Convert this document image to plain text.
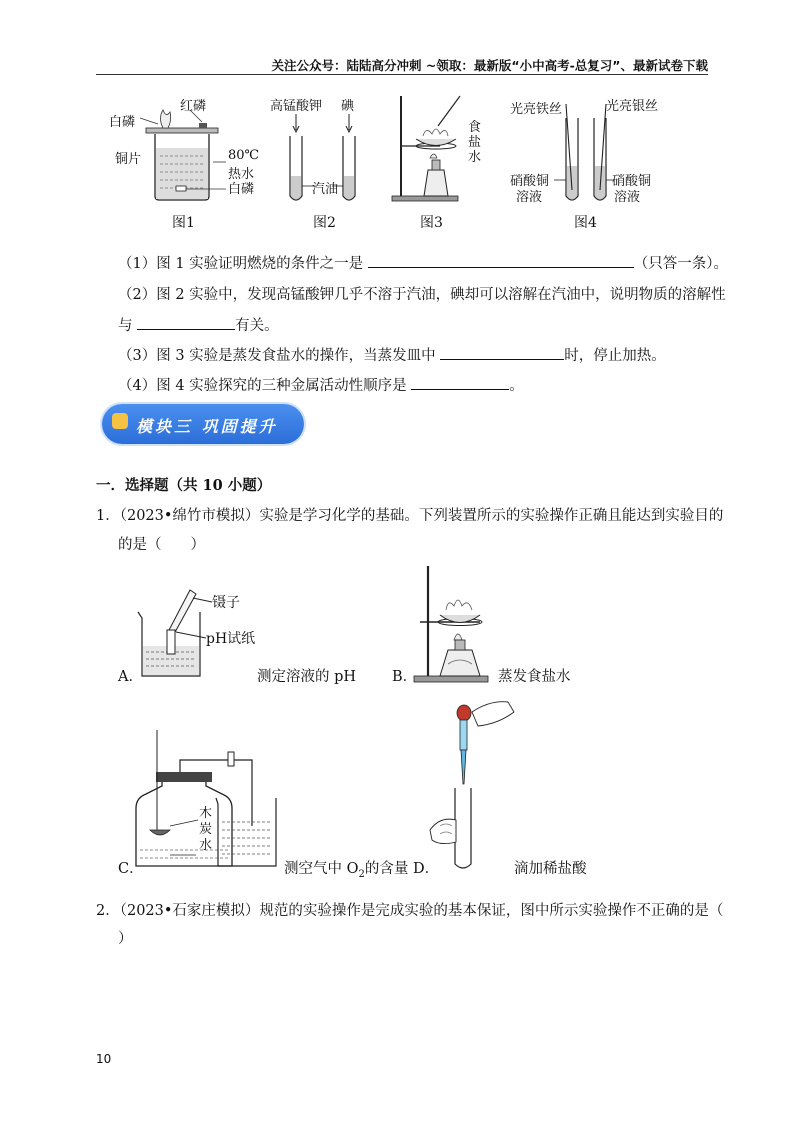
关注公众号：陆陆高分冲刺 ~领取：最新版“小中高考-总复习”、最新试卷下载
白磷
红磷
铜片	80℃
热水
白磷
图1
高锰酸钾 碘
汽油
图2
食
盐
水
图3
光亮铁丝	光亮银丝
硝酸铜
溶液
硝酸铜
溶液
图4
（1）图 1 实验证明燃烧的条件之一是	（只答一条）。
（2）图 2 实验中，发现高锰酸钾几乎不溶于汽油，碘却可以溶解在汽油中，说明物质的溶解性
与	有关。
（3）图 3 实验是蒸发食盐水的操作，当蒸发皿中	时，停止加热。
（4）图 4 实验探究的三种金属活动性顺序是	。
模块三 巩固提升
一．选择题（共 10 小题）
1．（2023•绵竹市模拟）实验是学习化学的基础。下列装置所示的实验操作正确且能达到实验目的
的是（　　）
镊子
pH试纸
A．	测定溶液的 pH B．	蒸发食盐水
木
炭
水
C．	测空气中 $O_2$的含量 D．	滴加稀盐酸
2．（2023•石家庄模拟）规范的实验操作是完成实验的基本保证，图中所示实验操作不正确的是（
）
10
